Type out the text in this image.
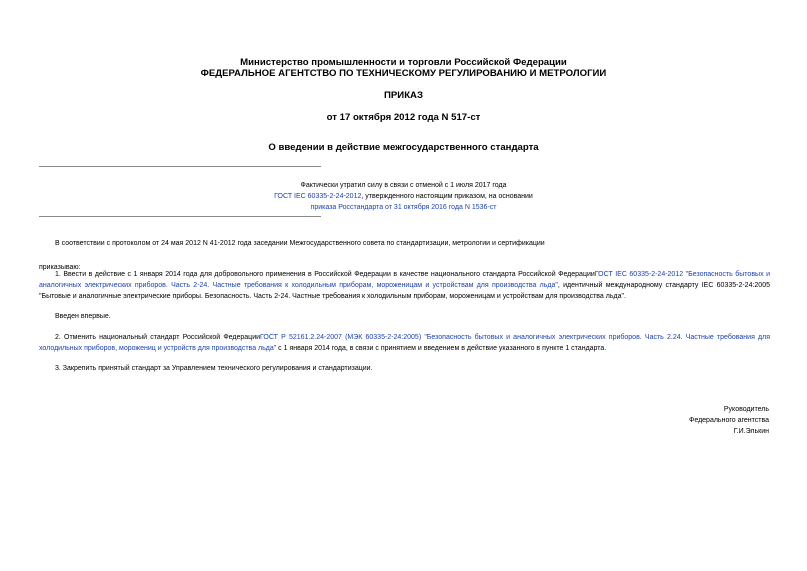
Министерство промышленности и торговли Российской Федерации
ФЕДЕРАЛЬНОЕ АГЕНТСТВО ПО ТЕХНИЧЕСКОМУ РЕГУЛИРОВАНИЮ И МЕТРОЛОГИИ
ПРИКАЗ
от 17 октября 2012 года N 517-ст
О введении в действие межгосударственного стандарта
Фактически утратил силу в связи с отменой с 1 июля 2017 года
ГОСТ IEC 60335-2-24-2012, утвержденного настоящим приказом, на основании
приказа Росстандарта от 31 октября 2016 года N 1536-ст
В соответствии с протоколом от 24 мая 2012 N 41-2012 года заседании Межгосударственного совета по стандартизации, метрологии и сертификации
приказываю:
1. Ввести в действие с 1 января 2014 года для добровольного применения в Российской Федерации в качестве национального стандарта Российской ФедерацииГОСТ IEC 60335-2-24-2012 "Безопасность бытовых и аналогичных электрических приборов. Часть 2-24. Частные требования к холодильным приборам, мороженицам и устройствам для производства льда", идентичный международному стандарту IEC 60335-2-24:2005 "Бытовые и аналогичные электрические приборы. Безопасность. Часть 2-24. Частные требования к холодильным приборам, мороженицам и устройствам для производства льда".
Введен впервые.
2. Отменить национальный стандарт Российской ФедерацииГОСТ Р 52161.2.24-2007 (МЭК 60335-2-24:2005) "Безопасность бытовых и аналогичных электрических приборов. Часть 2.24. Частные требования для холодильных приборов, морожениц и устройств для производства льда" с 1 января 2014 года, в связи с принятием и введением в действие указанного в пункте 1 стандарта.
3. Закрепить принятый стандарт за Управлением технического регулирования и стандартизации.
Руководитель
Федерального агентства
Г.И.Элькин
